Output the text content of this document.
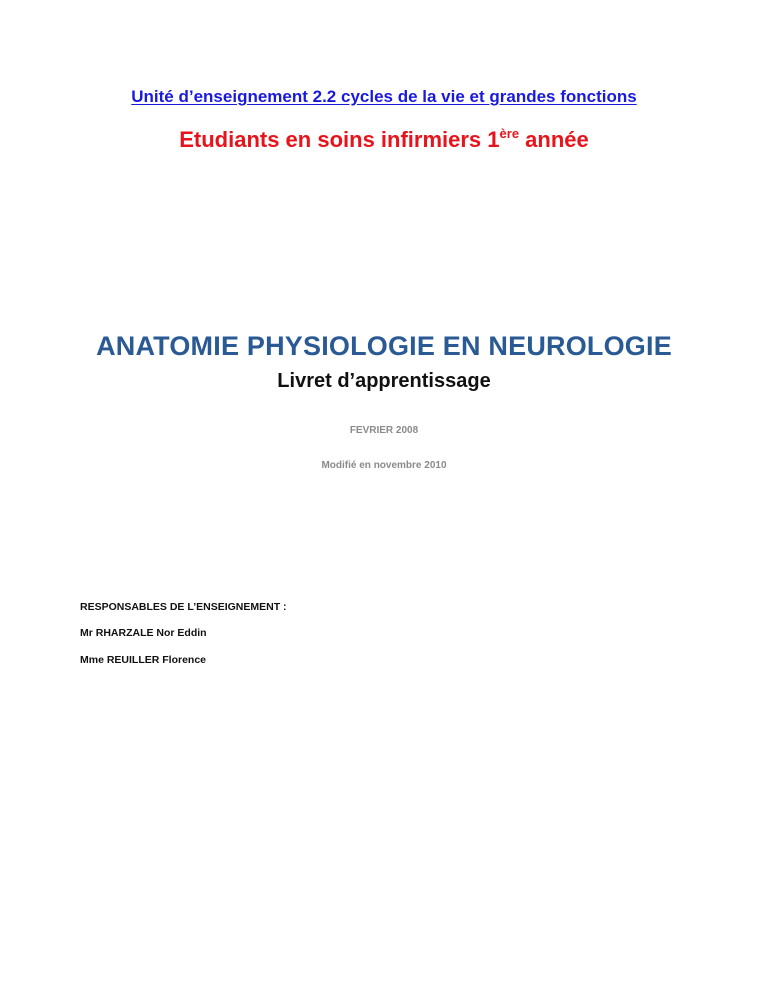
Unité d’enseignement 2.2 cycles de la vie et grandes fonctions

Etudiants en soins infirmiers 1ère année

ANATOMIE PHYSIOLOGIE EN NEUROLOGIE
Livret d’apprentissage

FEVRIER 2008

Modifié en novembre 2010

RESPONSABLES DE L’ENSEIGNEMENT :

Mr RHARZALE Nor Eddin

Mme REUILLER Florence
